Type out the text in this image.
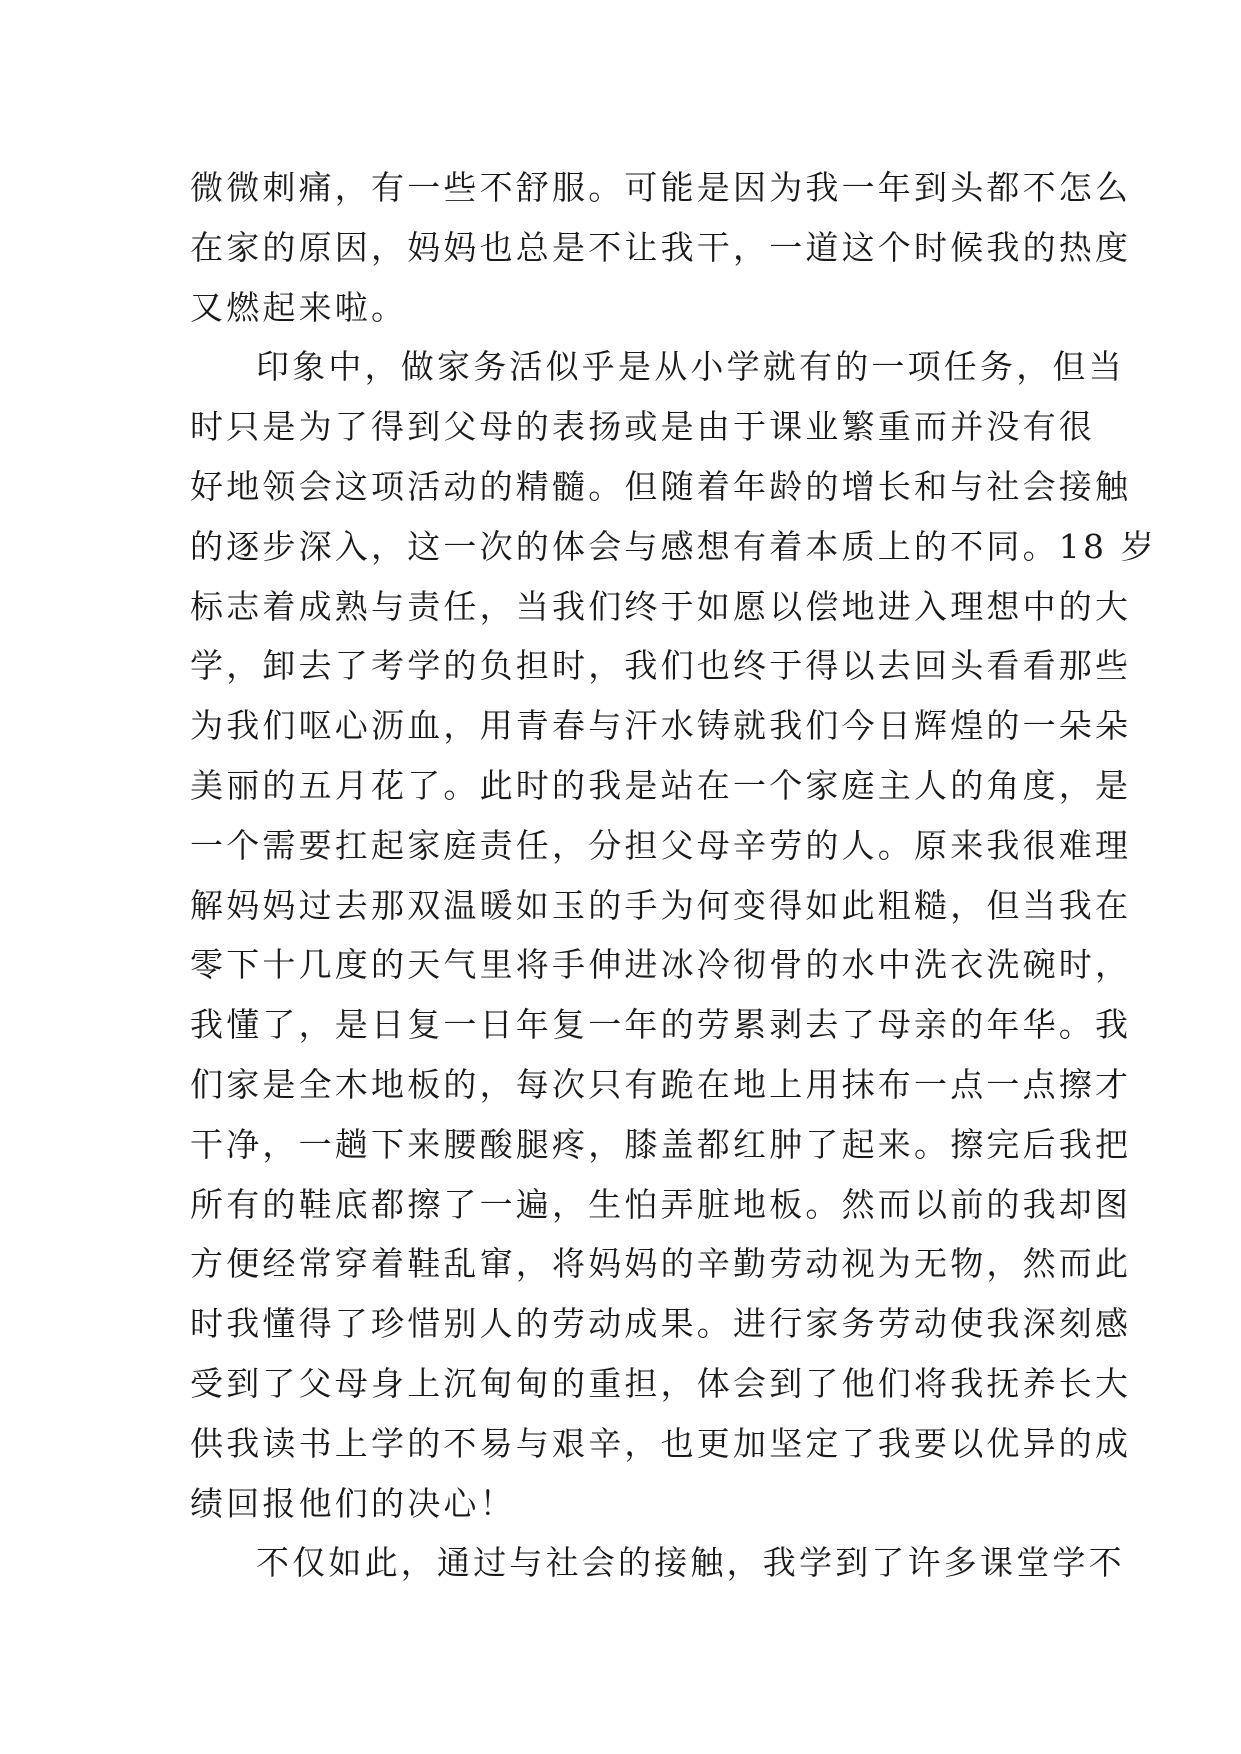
微微刺痛，有一些不舒服。可能是因为我一年到头都不怎么
在家的原因，妈妈也总是不让我干，一道这个时候我的热度
又燃起来啦。
印象中，做家务活似乎是从小学就有的一项任务，但当
时只是为了得到父母的表扬或是由于课业繁重而并没有很
好地领会这项活动的精髓。但随着年龄的增长和与社会接触
的逐步深入，这一次的体会与感想有着本质上的不同。18 岁
标志着成熟与责任，当我们终于如愿以偿地进入理想中的大
学，卸去了考学的负担时，我们也终于得以去回头看看那些
为我们呕心沥血，用青春与汗水铸就我们今日辉煌的一朵朵
美丽的五月花了。此时的我是站在一个家庭主人的角度，是
一个需要扛起家庭责任，分担父母辛劳的人。原来我很难理
解妈妈过去那双温暖如玉的手为何变得如此粗糙，但当我在
零下十几度的天气里将手伸进冰冷彻骨的水中洗衣洗碗时，
我懂了，是日复一日年复一年的劳累剥去了母亲的年华。我
们家是全木地板的，每次只有跪在地上用抹布一点一点擦才
干净，一趟下来腰酸腿疼，膝盖都红肿了起来。擦完后我把
所有的鞋底都擦了一遍，生怕弄脏地板。然而以前的我却图
方便经常穿着鞋乱窜，将妈妈的辛勤劳动视为无物，然而此
时我懂得了珍惜别人的劳动成果。进行家务劳动使我深刻感
受到了父母身上沉甸甸的重担，体会到了他们将我抚养长大
供我读书上学的不易与艰辛，也更加坚定了我要以优异的成
绩回报他们的决心！
不仅如此，通过与社会的接触，我学到了许多课堂学不
